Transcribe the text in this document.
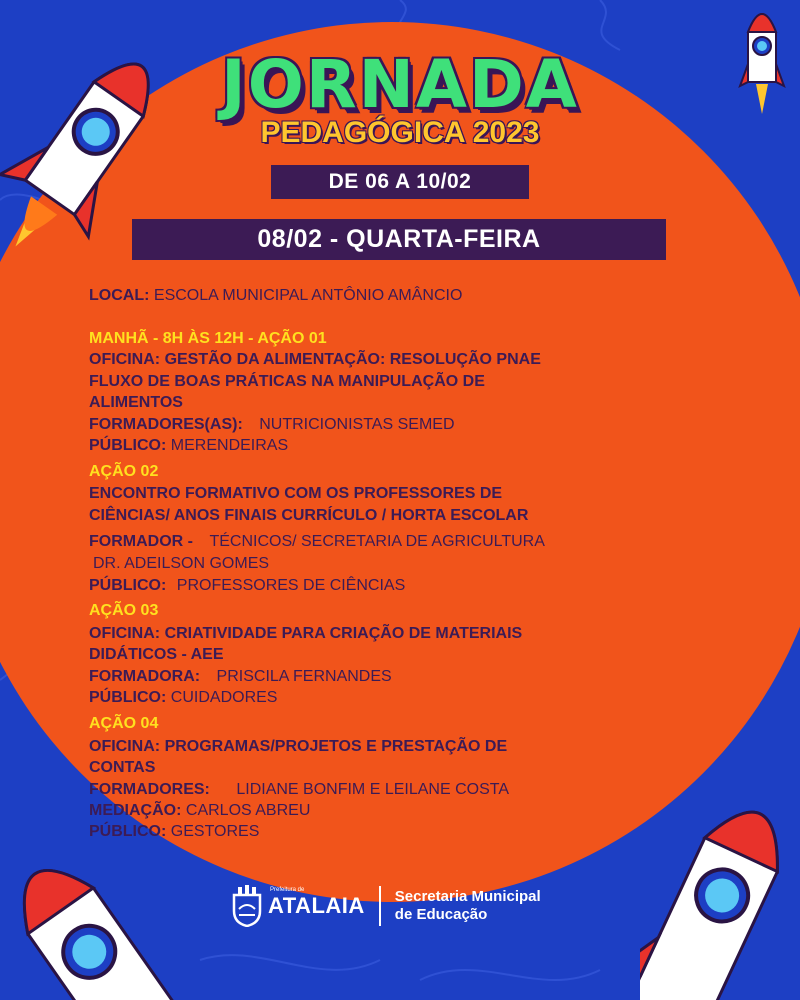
JORNADA
PEDAGÓGICA 2023
DE 06 A 10/02
08/02 - QUARTA-FEIRA
LOCAL: ESCOLA MUNICIPAL ANTÔNIO AMÂNCIO
MANHÃ - 8H ÀS 12H - AÇÃO 01
OFICINA: GESTÃO DA ALIMENTAÇÃO: RESOLUÇÃO PNAE
FLUXO DE BOAS PRÁTICAS NA MANIPULAÇÃO DE
ALIMENTOS
FORMADORES(AS): NUTRICIONISTAS SEMED
PÚBLICO: MERENDEIRAS
AÇÃO 02
ENCONTRO FORMATIVO COM OS PROFESSORES DE
CIÊNCIAS/ ANOS FINAIS CURRÍCULO / HORTA ESCOLAR
FORMADOR - TÉCNICOS/ SECRETARIA DE AGRICULTURA
DR. ADEILSON GOMES
PÚBLICO: PROFESSORES DE CIÊNCIAS
AÇÃO 03
OFICINA: CRIATIVIDADE PARA CRIAÇÃO DE MATERIAIS
DIDÁTICOS - AEE
FORMADORA: PRISCILA FERNANDES
PÚBLICO: CUIDADORES
AÇÃO 04
OFICINA: PROGRAMAS/PROJETOS E PRESTAÇÃO DE
CONTAS
FORMADORES: LIDIANE BONFIM E LEILANE COSTA
MEDIAÇÃO: CARLOS ABREU
PÚBLICO: GESTORES
Prefeitura de
ATALAIA Secretaria Municipal
de Educação
